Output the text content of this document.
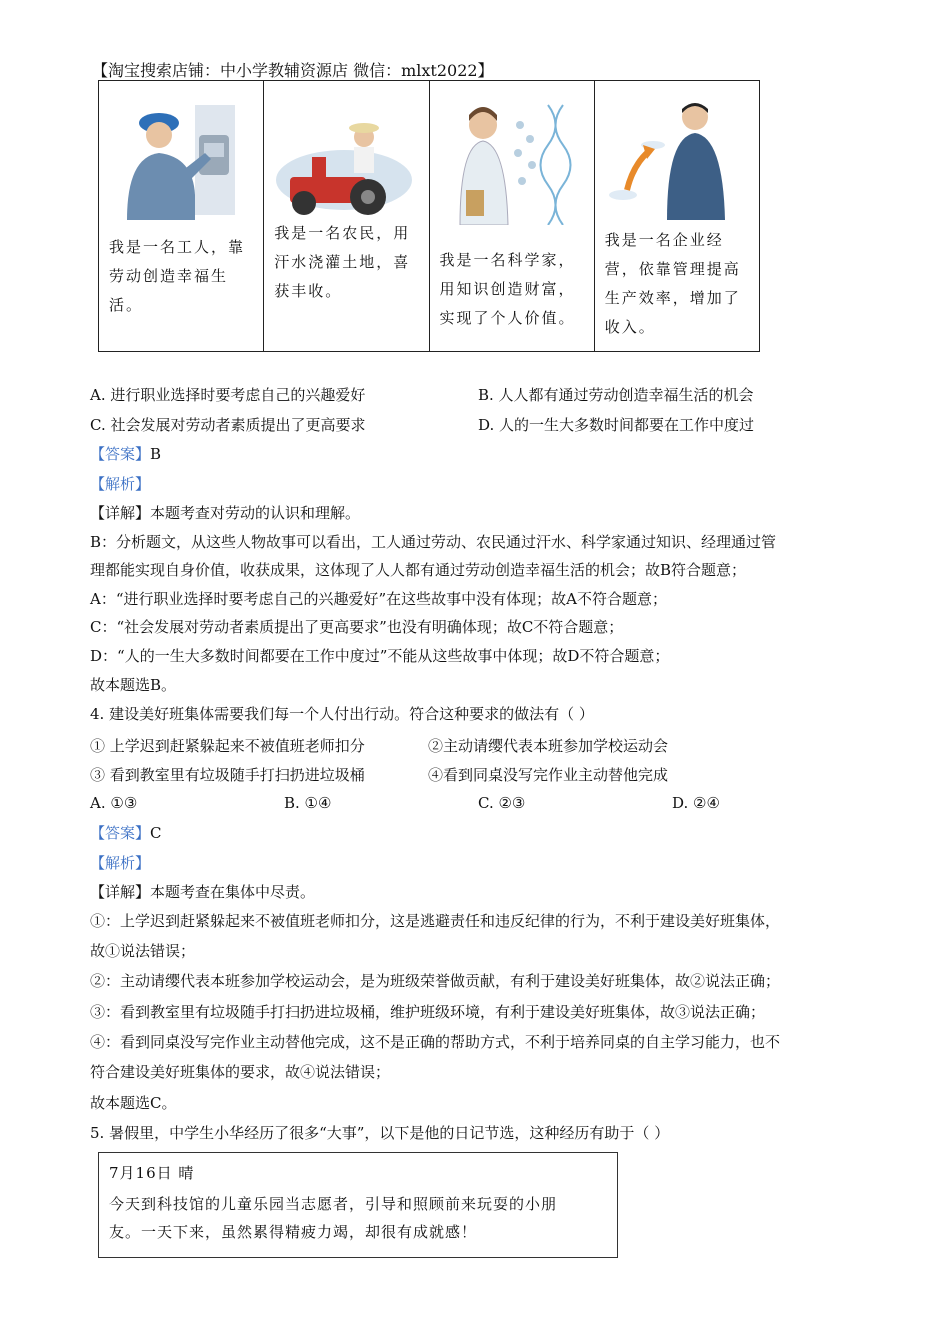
【淘宝搜索店铺：中小学教辅资源店 微信：mlxt2022】
我是一名工人，靠
劳动创造幸福生
活。
我是一名农民，用
汗水浇灌土地，喜
获丰收。
我是一名科学家，
用知识创造财富，
实现了个人价值。
我是一名企业经
营，依靠管理提高
生产效率，增加了
收入。
A. 进行职业选择时要考虑自己的兴趣爱好	B. 人人都有通过劳动创造幸福生活的机会
C. 社会发展对劳动者素质提出了更高要求	D. 人的一生大多数时间都要在工作中度过
【答案】B
【解析】
【详解】本题考查对劳动的认识和理解。
B：分析题文，从这些人物故事可以看出，工人通过劳动、农民通过汗水、科学家通过知识、经理通过管
理都能实现自身价值，收获成果，这体现了人人都有通过劳动创造幸福生活的机会；故B符合题意；
A：“进行职业选择时要考虑自己的兴趣爱好”在这些故事中没有体现；故A不符合题意；
C：“社会发展对劳动者素质提出了更高要求”也没有明确体现；故C不符合题意；
D：“人的一生大多数时间都要在工作中度过”不能从这些故事中体现；故D不符合题意；
故本题选B。
4. 建设美好班集体需要我们每一个人付出行动。符合这种要求的做法有（ ）
① 上学迟到赶紧躲起来不被值班老师扣分	②主动请缨代表本班参加学校运动会
③ 看到教室里有垃圾随手打扫扔进垃圾桶	④看到同桌没写完作业主动替他完成
A. ①③	B. ①④	C. ②③	D. ②④
【答案】C
【解析】
【详解】本题考查在集体中尽责。
①：上学迟到赶紧躲起来不被值班老师扣分，这是逃避责任和违反纪律的行为，不利于建设美好班集体，
故①说法错误；
②：主动请缨代表本班参加学校运动会，是为班级荣誉做贡献，有利于建设美好班集体，故②说法正确；
③：看到教室里有垃圾随手打扫扔进垃圾桶，维护班级环境，有利于建设美好班集体，故③说法正确；
④：看到同桌没写完作业主动替他完成，这不是正确的帮助方式，不利于培养同桌的自主学习能力，也不
符合建设美好班集体的要求，故④说法错误；
故本题选C。
5. 暑假里，中学生小华经历了很多“大事”，以下是他的日记节选，这种经历有助于（ ）
7月16日 晴
今天到科技馆的儿童乐园当志愿者，引导和照顾前来玩耍的小朋
友。一天下来，虽然累得精疲力竭，却很有成就感！
